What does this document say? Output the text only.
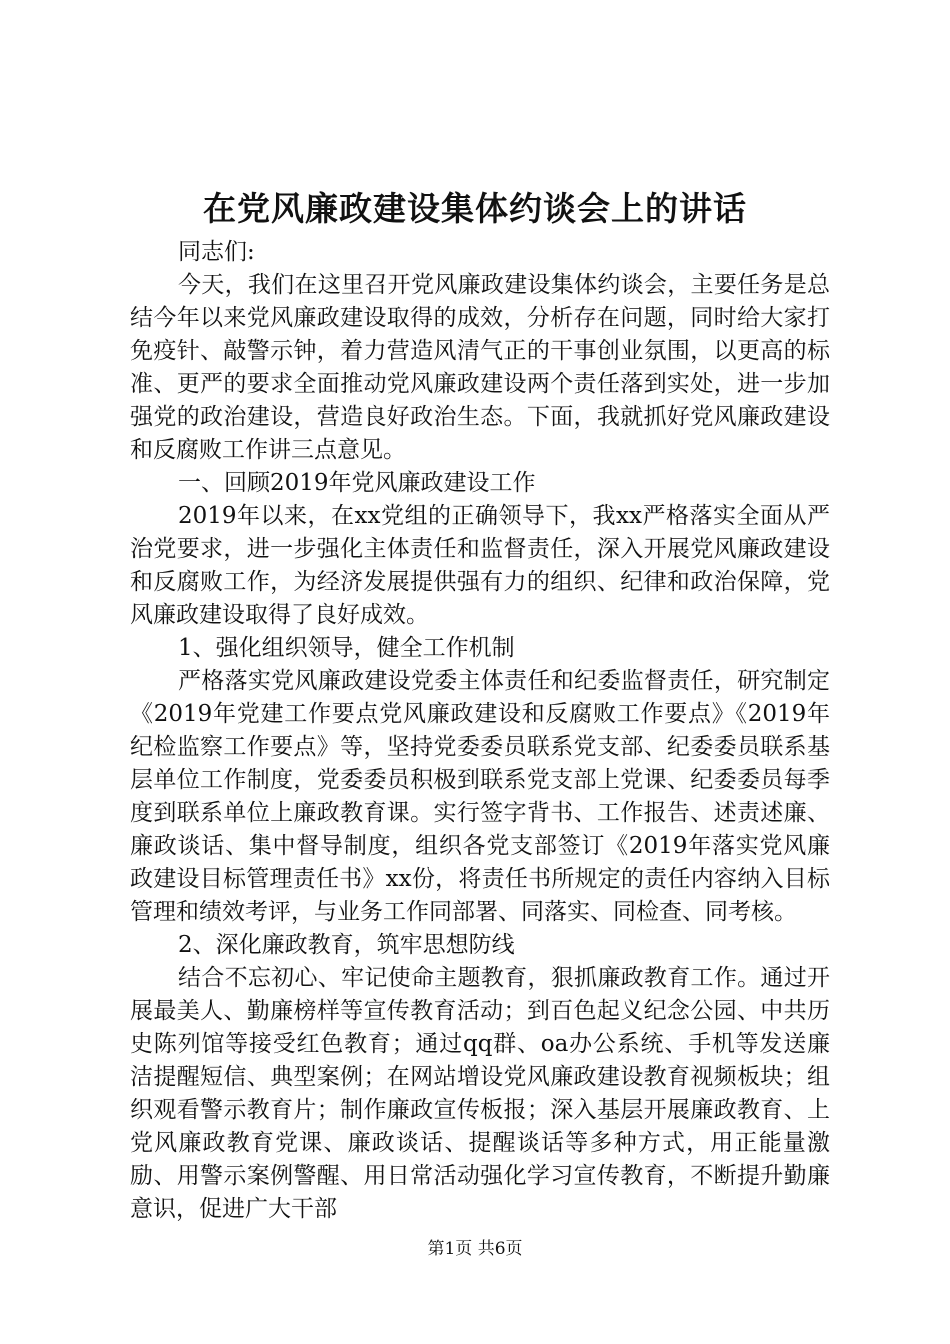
在党风廉政建设集体约谈会上的讲话

同志们:

今天，我们在这里召开党风廉政建设集体约谈会，主要任务是总结今年以来党风廉政建设取得的成效，分析存在问题，同时给大家打免疫针、敲警示钟，着力营造风清气正的干事创业氛围，以更高的标准、更严的要求全面推动党风廉政建设两个责任落到实处，进一步加强党的政治建设，营造良好政治生态。下面，我就抓好党风廉政建设和反腐败工作讲三点意见。

一、回顾2019年党风廉政建设工作

2019年以来，在xx党组的正确领导下，我xx严格落实全面从严治党要求，进一步强化主体责任和监督责任，深入开展党风廉政建设和反腐败工作，为经济发展提供强有力的组织、纪律和政治保障，党风廉政建设取得了良好成效。

1、强化组织领导，健全工作机制

严格落实党风廉政建设党委主体责任和纪委监督责任，研究制定《2019年党建工作要点党风廉政建设和反腐败工作要点》《2019年纪检监察工作要点》等，坚持党委委员联系党支部、纪委委员联系基层单位工作制度，党委委员积极到联系党支部上党课、纪委委员每季度到联系单位上廉政教育课。实行签字背书、工作报告、述责述廉、廉政谈话、集中督导制度，组织各党支部签订《2019年落实党风廉政建设目标管理责任书》xx份，将责任书所规定的责任内容纳入目标管理和绩效考评，与业务工作同部署、同落实、同检查、同考核。

2、深化廉政教育，筑牢思想防线

结合不忘初心、牢记使命主题教育，狠抓廉政教育工作。通过开展最美人、勤廉榜样等宣传教育活动；到百色起义纪念公园、中共历史陈列馆等接受红色教育；通过qq群、oa办公系统、手机等发送廉洁提醒短信、典型案例；在网站增设党风廉政建设教育视频板块；组织观看警示教育片；制作廉政宣传板报；深入基层开展廉政教育、上党风廉政教育党课、廉政谈话、提醒谈话等多种方式，用正能量激励、用警示案例警醒、用日常活动强化学习宣传教育，不断提升勤廉意识，促进广大干部

第1页 共6页
